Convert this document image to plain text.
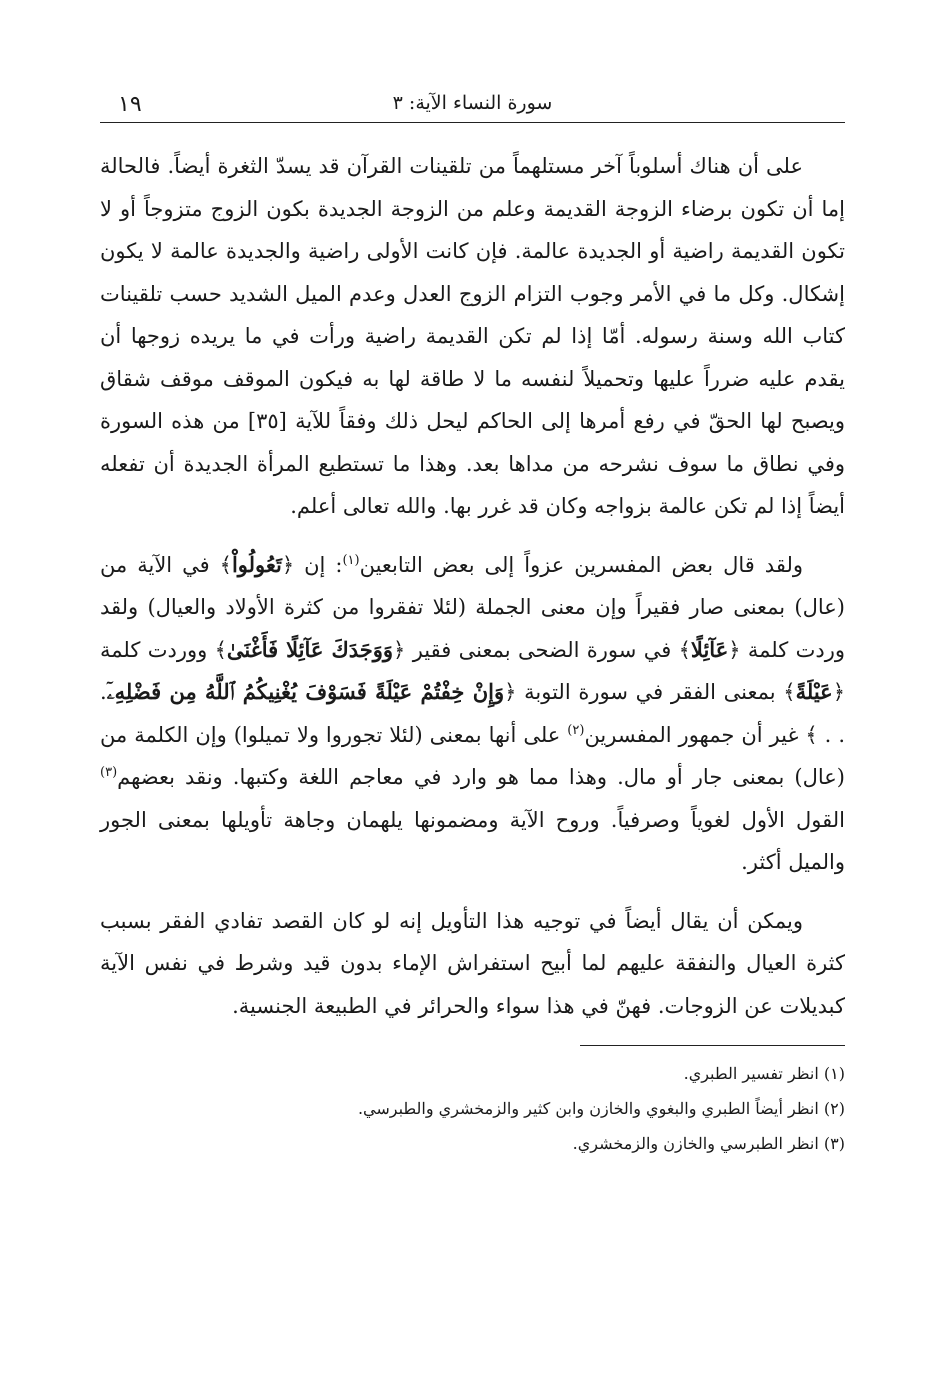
سورة النساء الآية: ٣
١٩

على أن هناك أسلوباً آخر مستلهماً من تلقينات القرآن قد يسدّ الثغرة أيضاً. فالحالة إما أن تكون برضاء الزوجة القديمة وعلم من الزوجة الجديدة بكون الزوج متزوجاً أو لا تكون القديمة راضية أو الجديدة عالمة. فإن كانت الأولى راضية والجديدة عالمة لا يكون إشكال. وكل ما في الأمر وجوب التزام الزوج العدل وعدم الميل الشديد حسب تلقينات كتاب الله وسنة رسوله. أمّا إذا لم تكن القديمة راضية ورأت في ما يريده زوجها أن يقدم عليه ضرراً عليها وتحميلاً لنفسه ما لا طاقة لها به فيكون الموقف موقف شقاق ويصبح لها الحقّ في رفع أمرها إلى الحاكم ليحل ذلك وفقاً للآية [٣٥] من هذه السورة وفي نطاق ما سوف نشرحه من مداها بعد. وهذا ما تستطيع المرأة الجديدة أن تفعله أيضاً إذا لم تكن عالمة بزواجه وكان قد غرر بها. والله تعالى أعلم.

ولقد قال بعض المفسرين عزواً إلى بعض التابعين$^{(١)}$: إن ﴿تَعُولُواْ﴾ في الآية من (عال) بمعنى صار فقيراً وإن معنى الجملة (لئلا تفقروا من كثرة الأولاد والعيال) ولقد وردت كلمة ﴿عَآئِلًا﴾ في سورة الضحى بمعنى فقير ﴿وَوَجَدَكَ عَآئِلًا فَأَغْنَىٰ﴾ ووردت كلمة ﴿عَيْلَةً﴾ بمعنى الفقر في سورة التوبة ﴿وَإِنْ خِفْتُمْ عَيْلَةً فَسَوْفَ يُغْنِيكُمُ ٱللَّهُ مِن فَضْلِهِۦٓ. . . ﴾ غير أن جمهور المفسرين$^{(٢)}$ على أنها بمعنى (لئلا تجوروا ولا تميلوا) وإن الكلمة من (عال) بمعنى جار أو مال. وهذا مما هو وارد في معاجم اللغة وكتبها. ونقد بعضهم$^{(٣)}$ القول الأول لغوياً وصرفياً. وروح الآية ومضمونها يلهمان وجاهة تأويلها بمعنى الجور والميل أكثر.

ويمكن أن يقال أيضاً في توجيه هذا التأويل إنه لو كان القصد تفادي الفقر بسبب كثرة العيال والنفقة عليهم لما أبيح استفراش الإماء بدون قيد وشرط في نفس الآية كبديلات عن الزوجات. فهنّ في هذا سواء والحرائر في الطبيعة الجنسية.

(١) انظر تفسير الطبري.

(٢) انظر أيضاً الطبري والبغوي والخازن وابن كثير والزمخشري والطبرسي.

(٣) انظر الطبرسي والخازن والزمخشري.
